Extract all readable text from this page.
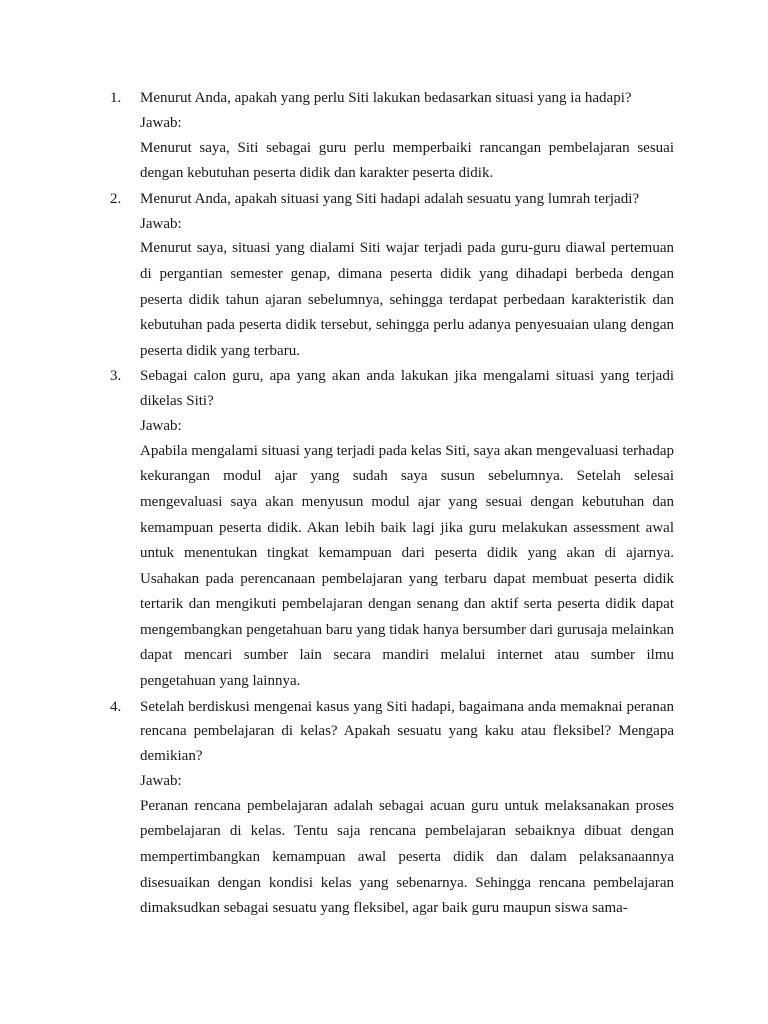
1.	Menurut Anda, apakah yang perlu Siti lakukan bedasarkan situasi yang ia hadapi?

Jawab:

Menurut saya, Siti sebagai guru perlu memperbaiki rancangan pembelajaran sesuai dengan kebutuhan peserta didik dan karakter peserta didik.

2.	Menurut Anda, apakah situasi yang Siti hadapi adalah sesuatu yang lumrah terjadi?

Jawab:

Menurut saya, situasi yang dialami Siti wajar terjadi pada guru-guru diawal pertemuan di pergantian semester genap, dimana peserta didik yang dihadapi berbeda dengan peserta didik tahun ajaran sebelumnya, sehingga terdapat perbedaan karakteristik dan kebutuhan pada peserta didik tersebut, sehingga perlu adanya penyesuaian ulang dengan peserta didik yang terbaru.

3.	Sebagai calon guru, apa yang akan anda lakukan jika mengalami situasi yang terjadi dikelas Siti?

Jawab:

Apabila mengalami situasi yang terjadi pada kelas Siti, saya akan mengevaluasi terhadap kekurangan modul ajar yang sudah saya susun sebelumnya. Setelah selesai mengevaluasi saya akan menyusun modul ajar yang sesuai dengan kebutuhan dan kemampuan peserta didik. Akan lebih baik lagi jika guru melakukan assessment awal untuk menentukan tingkat kemampuan dari peserta didik yang akan di ajarnya. Usahakan pada perencanaan pembelajaran yang terbaru dapat membuat peserta didik tertarik dan mengikuti pembelajaran dengan senang dan aktif serta peserta didik dapat mengembangkan pengetahuan baru yang tidak hanya bersumber dari gurusaja melainkan dapat mencari sumber lain secara mandiri melalui internet atau sumber ilmu pengetahuan yang lainnya.

4.	Setelah berdiskusi mengenai kasus yang Siti hadapi, bagaimana anda memaknai peranan rencana pembelajaran di kelas? Apakah sesuatu yang kaku atau fleksibel? Mengapa demikian?

Jawab:

Peranan rencana pembelajaran adalah sebagai acuan guru untuk melaksanakan proses pembelajaran di kelas. Tentu saja rencana pembelajaran sebaiknya dibuat dengan mempertimbangkan kemampuan awal peserta didik dan dalam pelaksanaannya disesuaikan dengan kondisi kelas yang sebenarnya. Sehingga rencana pembelajaran dimaksudkan sebagai sesuatu yang fleksibel, agar baik guru maupun siswa sama-
